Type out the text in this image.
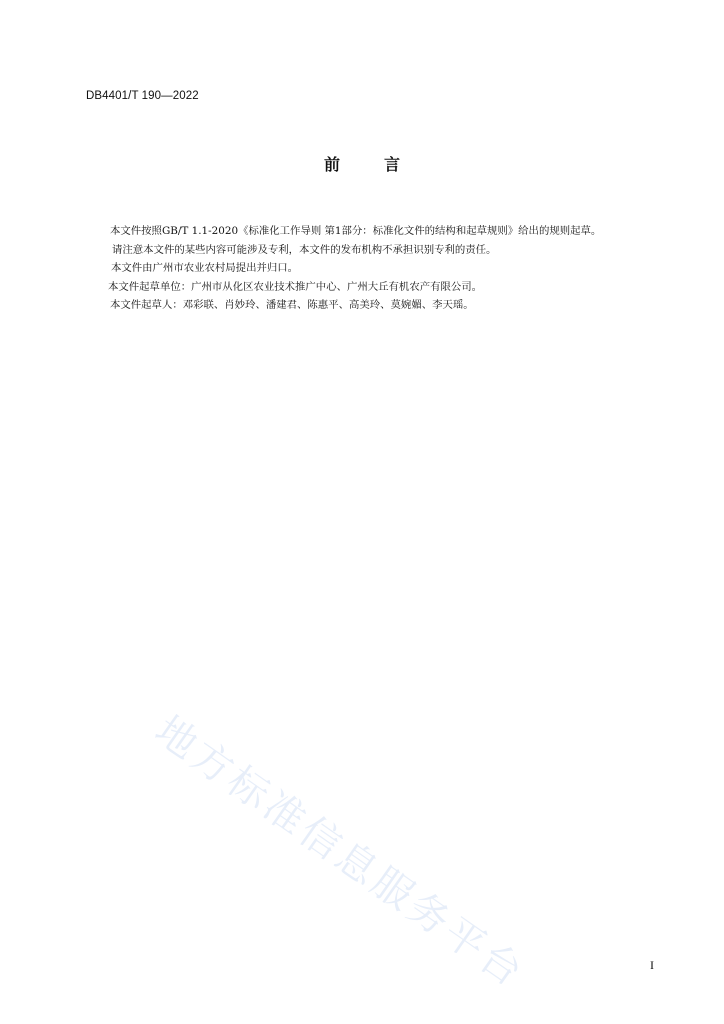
DB4401/T 190—2022
前	言

本文件按照GB/T 1.1-2020《标准化工作导则 第1部分：标准化文件的结构和起草规则》给出的规则起草。

请注意本文件的某些内容可能涉及专利，本文件的发布机构不承担识别专利的责任。

本文件由广州市农业农村局提出并归口。

本文件起草单位：广州市从化区农业技术推广中心、广州大丘有机农产有限公司。

本文件起草人：邓彩联、肖妙玲、潘建君、陈惠平、高美玲、莫婉媚、李天瑶。

地方标准信息服务平台	I
